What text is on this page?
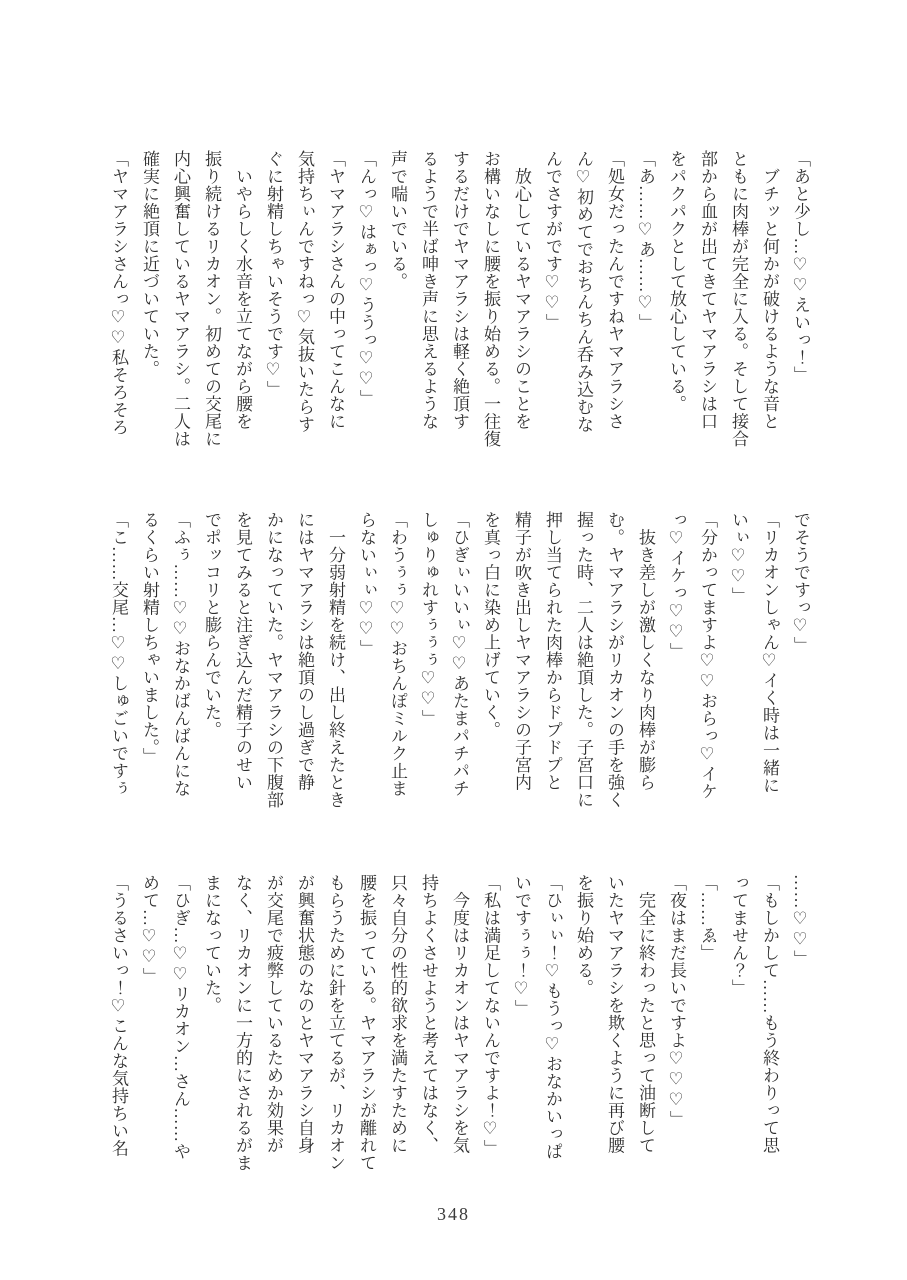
「あと少し…♡♡えいっ！」
　ブチッと何かが破けるような音と
ともに肉棒が完全に入る。そして接合
部から血が出てきてヤマアラシは口
をパクパクとして放心している。
「あ……♡あ……♡」
「処女だったんですねヤマアラシさ
ん♡初めてでおちんちん呑み込むな
んでさすがです♡♡」
　放心しているヤマアラシのことを
お構いなしに腰を振り始める。一往復
するだけでヤマアラシは軽く絶頂す
るようで半ば呻き声に思えるような
声で喘いでいる。
「んっ♡はぁっ♡ううっ♡♡」
「ヤマアラシさんの中ってこんなに
気持ちぃんですねっ♡気抜いたらす
ぐに射精しちゃいそうです♡」
　いやらしく水音を立てながら腰を
振り続けるリカオン。初めての交尾に
内心興奮しているヤマアラシ。二人は
確実に絶頂に近づいていた。
「ヤマアラシさんっ♡♡私そろそろ
でそうですっ♡」
「リカオンしゃん♡イく時は一緒に
いぃ♡♡」
「分かってますよ♡♡おらっ♡イケ
っ♡イケっ♡♡」
　抜き差しが激しくなり肉棒が膨ら
む。ヤマアラシがリカオンの手を強く
握った時、二人は絶頂した。子宮口に
押し当てられた肉棒からドプドプと
精子が吹き出しヤマアラシの子宮内
を真っ白に染め上げていく。
「ひぎぃいいぃ♡♡あたまパチパチ
しゅりゅれすぅぅぅ♡♡」
「わうぅぅ♡♡おちんぽミルク止ま
らないぃぃ♡♡」
　一分弱射精を続け、出し終えたとき
にはヤマアラシは絶頂のし過ぎで静
かになっていた。ヤマアラシの下腹部
を見てみると注ぎ込んだ精子のせい
でポッコリと膨らんでいた。
「ふぅ……♡♡おなかばんばんにな
るくらい射精しちゃいました。」
「こ……交尾…♡♡しゅごいですぅ
……♡♡」
「もしかして……もう終わりって思
ってません？」
「……ゑ」
「夜はまだ長いですよ♡♡♡」
　完全に終わったと思って油断して
いたヤマアラシを欺くように再び腰
を振り始める。
「ひぃぃ！♡もうっ♡おなかいっぱ
いですぅぅ！♡」
「私は満足してないんですよ！♡」
　今度はリカオンはヤマアラシを気
持ちよくさせようと考えてはなく、
只々自分の性的欲求を満たすために
腰を振っている。ヤマアラシが離れて
もらうために針を立てるが、リカオン
が興奮状態のなのとヤマアラシ自身
が交尾で疲弊しているためか効果が
なく、リカオンに一方的にされるがま
まになっていた。
「ひぎ…♡♡リカオン…さん……や
めて…♡♡」
「うるさいっ！♡こんな気持ちい名
348
